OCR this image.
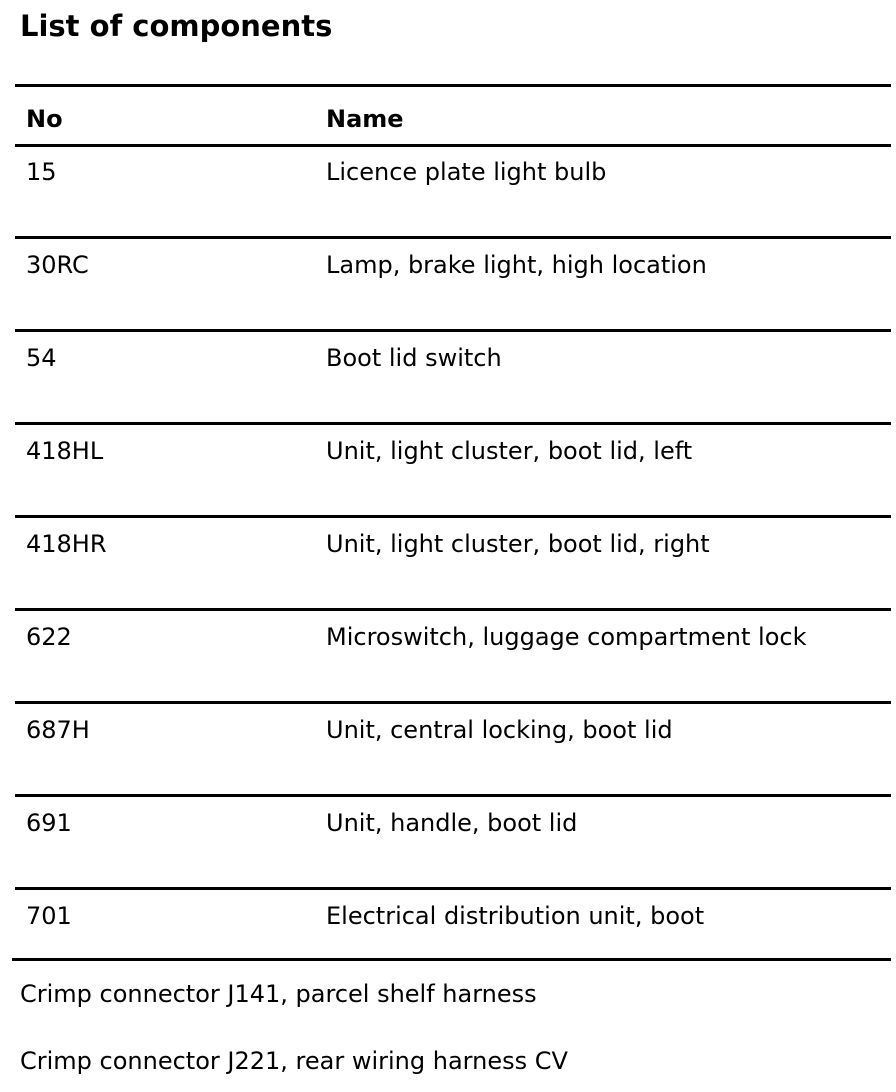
List of components
No	Name
15	Licence plate light bulb
30RC	Lamp, brake light, high location
54	Boot lid switch
418HL	Unit, light cluster, boot lid, left
418HR	Unit, light cluster, boot lid, right
622	Microswitch, luggage compartment lock
687H	Unit, central locking, boot lid
691	Unit, handle, boot lid
701	Electrical distribution unit, boot
Crimp connector J141, parcel shelf harness
Crimp connector J221, rear wiring harness CV
